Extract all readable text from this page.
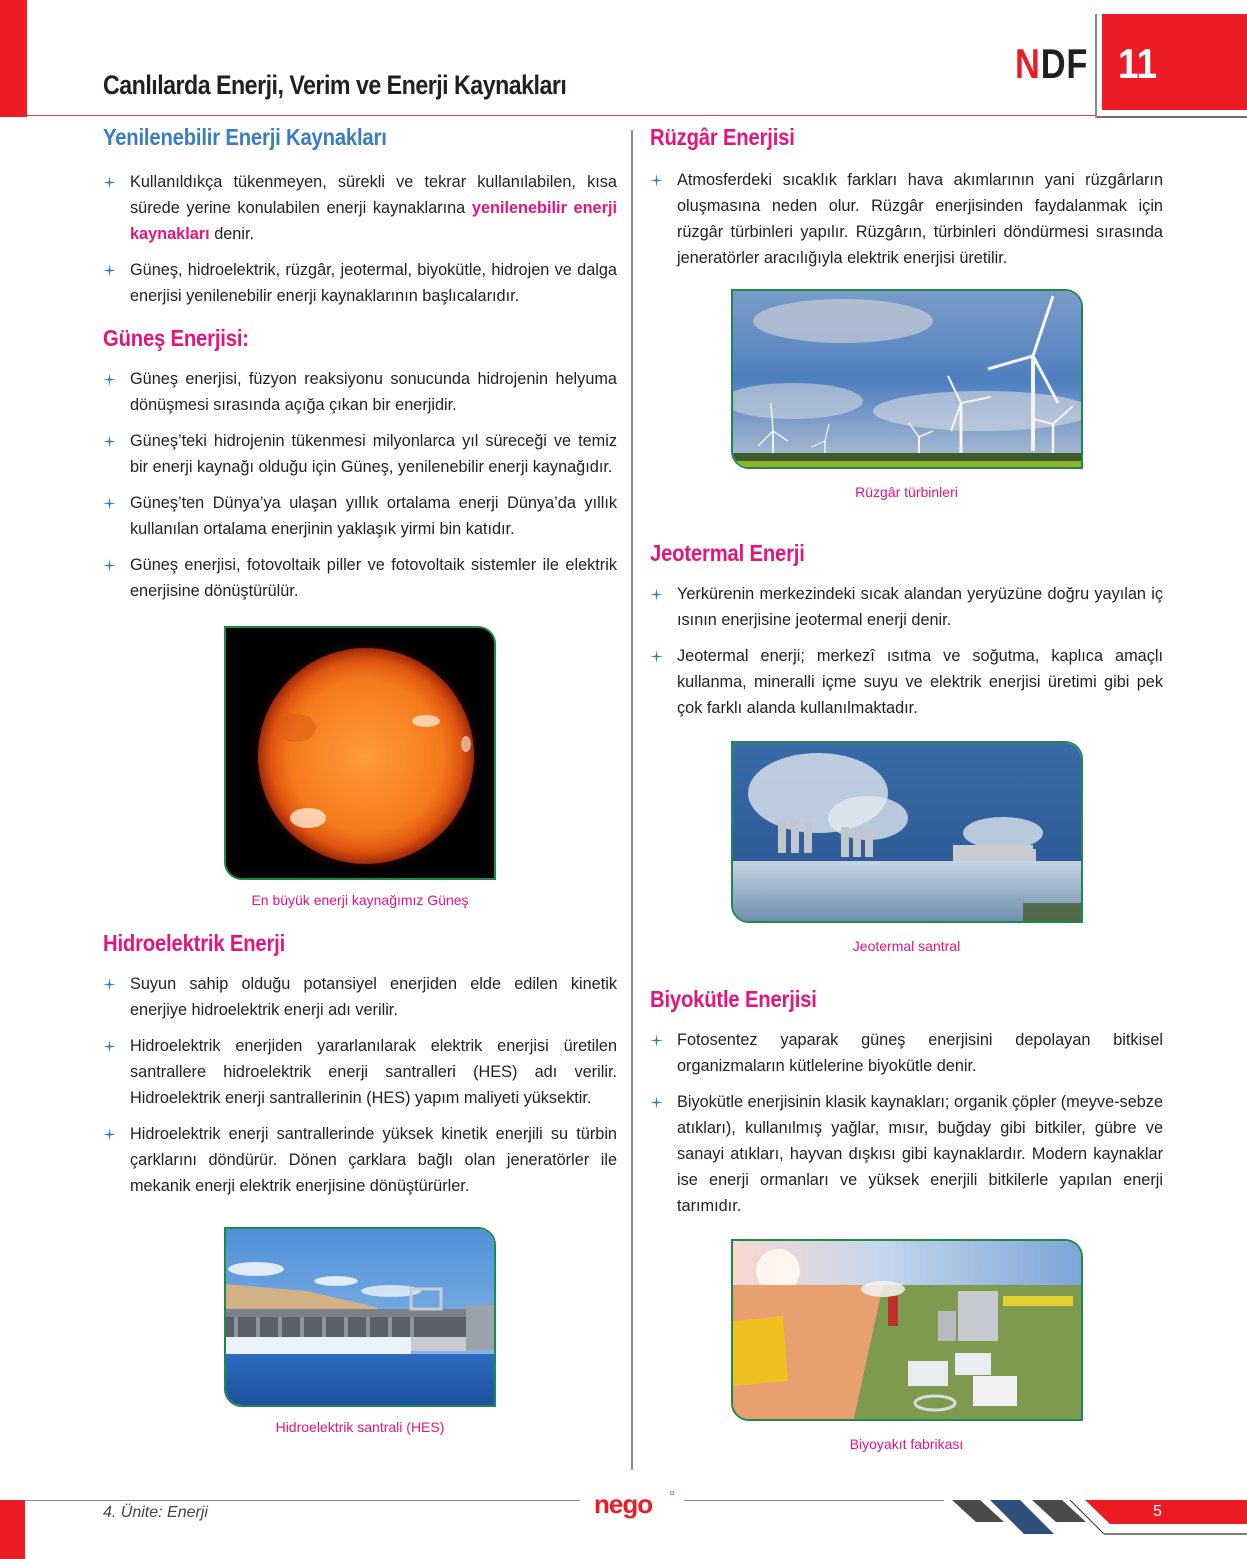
Canlılarda Enerji, Verim ve Enerji Kaynakları	NDF 11
Yenilenebilir Enerji Kaynakları
Kullanıldıkça tükenmeyen, sürekli ve tekrar kullanılabilen, kısa sürede yerine konulabilen enerji kaynaklarına yenilenebilir enerji kaynakları denir.
Güneş, hidroelektrik, rüzgâr, jeotermal, biyokütle, hidrojen ve dalga enerjisi yenilenebilir enerji kaynaklarının başlıcalarıdır.
Güneş Enerjisi:
Güneş enerjisi, füzyon reaksiyonu sonucunda hidrojenin helyuma dönüşmesi sırasında açığa çıkan bir enerjidir.
Güneş’teki hidrojenin tükenmesi milyonlarca yıl süreceği ve temiz bir enerji kaynağı olduğu için Güneş, yenilenebilir enerji kaynağıdır.
Güneş’ten Dünya’ya ulaşan yıllık ortalama enerji Dünya’da yıllık kullanılan ortalama enerjinin yaklaşık yirmi bin katıdır.
Güneş enerjisi, fotovoltaik piller ve fotovoltaik sistemler ile elektrik enerjisine dönüştürülür.
En büyük enerji kaynağımız Güneş
Hidroelektrik Enerji
Suyun sahip olduğu potansiyel enerjiden elde edilen kinetik enerjiye hidroelektrik enerji adı verilir.
Hidroelektrik enerjiden yararlanılarak elektrik enerjisi üretilen santrallere hidroelektrik enerji santralleri (HES) adı verilir. Hidroelektrik enerji santrallerinin (HES) yapım maliyeti yüksektir.
Hidroelektrik enerji santrallerinde yüksek kinetik enerjili su türbin çarklarını döndürür. Dönen çarklara bağlı olan jeneratörler ile mekanik enerji elektrik enerjisine dönüştürürler.
Hidroelektrik santrali (HES)
Rüzgâr Enerjisi
Atmosferdeki sıcaklık farkları hava akımlarının yani rüzgârların oluşmasına neden olur. Rüzgâr enerjisinden faydalanmak için rüzgâr türbinleri yapılır. Rüzgârın, türbinleri döndürmesi sırasında jeneratörler aracılığıyla elektrik enerjisi üretilir.
Rüzgâr türbinleri
Jeotermal Enerji
Yerkürenin merkezindeki sıcak alandan yeryüzüne doğru yayılan iç ısının enerjisine jeotermal enerji denir.
Jeotermal enerji; merkezî ısıtma ve soğutma, kaplıca amaçlı kullanma, mineralli içme suyu ve elektrik enerjisi üretimi gibi pek çok farklı alanda kullanılmaktadır.
Jeotermal santral
Biyokütle Enerjisi
Fotosentez yaparak güneş enerjisini depolayan bitkisel organizmaların kütlelerine biyokütle denir.
Biyokütle enerjisinin klasik kaynakları; organik çöpler (meyve-sebze atıkları), kullanılmış yağlar, mısır, buğday gibi bitkiler, gübre ve sanayi atıkları, hayvan dışkısı gibi kaynaklardır. Modern kaynaklar ise enerji ormanları ve yüksek enerjili bitkilerle yapılan enerji tarımıdır.
Biyoyakıt fabrikası
4. Ünite: Enerji	nego	5
